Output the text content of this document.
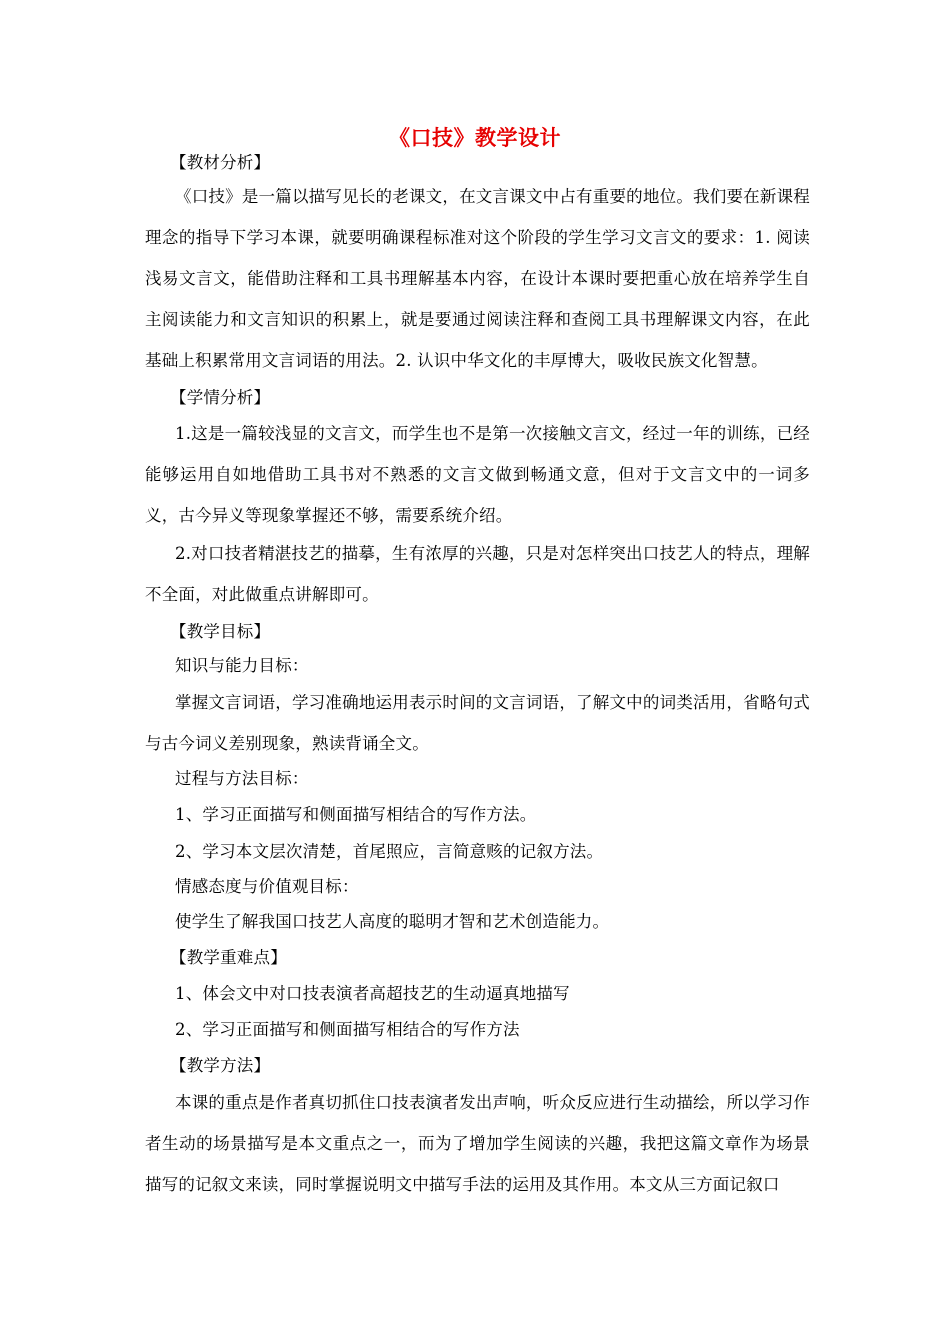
《口技》教学设计
【教材分析】
《口技》是一篇以描写见长的老课文，在文言课文中占有重要的地位。我们要在新课程理念的指导下学习本课，就要明确课程标准对这个阶段的学生学习文言文的要求：1. 阅读浅易文言文，能借助注释和工具书理解基本内容，在设计本课时要把重心放在培养学生自主阅读能力和文言知识的积累上，就是要通过阅读注释和查阅工具书理解课文内容，在此基础上积累常用文言词语的用法。2. 认识中华文化的丰厚博大，吸收民族文化智慧。
【学情分析】
1.这是一篇较浅显的文言文，而学生也不是第一次接触文言文，经过一年的训练，已经能够运用自如地借助工具书对不熟悉的文言文做到畅通文意，但对于文言文中的一词多义，古今异义等现象掌握还不够，需要系统介绍。
2.对口技者精湛技艺的描摹，生有浓厚的兴趣，只是对怎样突出口技艺人的特点，理解不全面，对此做重点讲解即可。
【教学目标】
知识与能力目标：
掌握文言词语，学习准确地运用表示时间的文言词语，了解文中的词类活用，省略句式与古今词义差别现象，熟读背诵全文。
过程与方法目标：
1、学习正面描写和侧面描写相结合的写作方法。
2、学习本文层次清楚，首尾照应，言简意赅的记叙方法。
情感态度与价值观目标：
使学生了解我国口技艺人高度的聪明才智和艺术创造能力。
【教学重难点】
1、体会文中对口技表演者高超技艺的生动逼真地描写
2、学习正面描写和侧面描写相结合的写作方法
【教学方法】
本课的重点是作者真切抓住口技表演者发出声响，听众反应进行生动描绘，所以学习作者生动的场景描写是本文重点之一，而为了增加学生阅读的兴趣，我把这篇文章作为场景描写的记叙文来读，同时掌握说明文中描写手法的运用及其作用。本文从三方面记叙口
